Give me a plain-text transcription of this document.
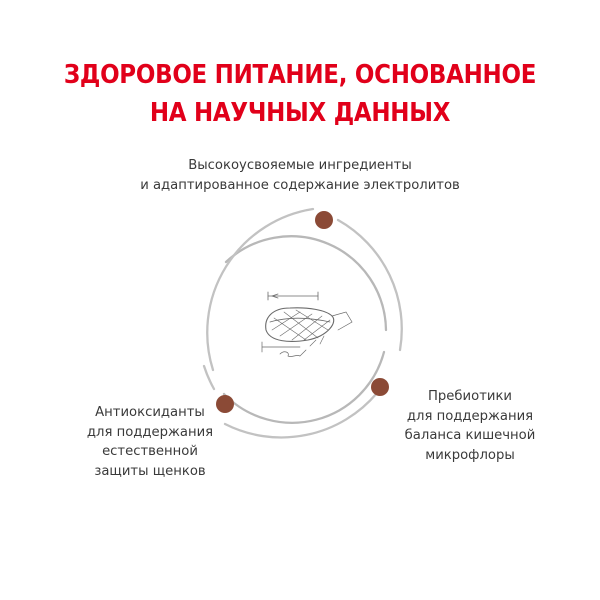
ЗДОРОВОЕ ПИТАНИЕ, ОСНОВАННОЕ
НА НАУЧНЫХ ДАННЫХ
Высокоусвояемые ингредиенты
и адаптированное содержание электролитов
Антиоксиданты
для поддержания
естественной
защиты щенков
Пребиотики
для поддержания
баланса кишечной
микрофлоры
